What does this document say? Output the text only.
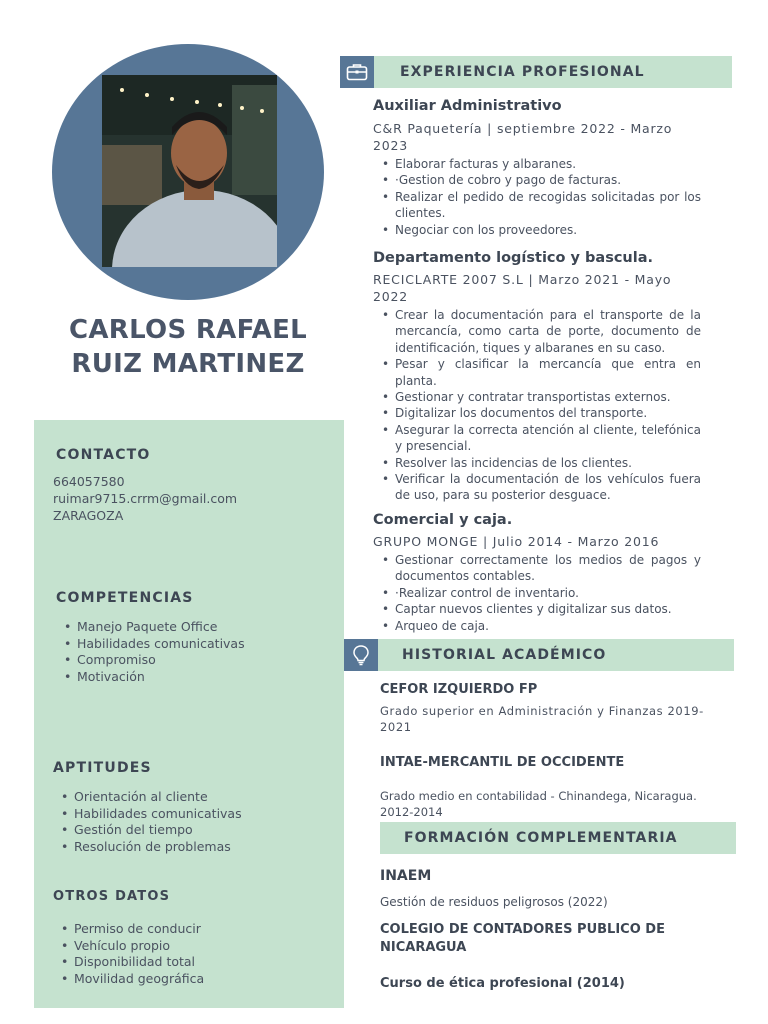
CARLOS RAFAEL
RUIZ MARTINEZ
CONTACTO
664057580
ruimar9715.crrm@gmail.com
ZARAGOZA
COMPETENCIAS
• Manejo Paquete Office
• Habilidades comunicativas
• Compromiso
• Motivación
APTITUDES
• Orientación al cliente
• Habilidades comunicativas
• Gestión del tiempo
• Resolución de problemas
OTROS DATOS
• Permiso de conducir
• Vehículo propio
• Disponibilidad total
• Movilidad geográfica
EXPERIENCIA PROFESIONAL
Auxiliar Administrativo
C&R Paquetería | septiembre 2022 - Marzo 2023
• Elaborar facturas y albaranes.
• ·Gestion de cobro y pago de facturas.
• Realizar el pedido de recogidas solicitadas por los clientes.
• Negociar con los proveedores.
Departamento logístico y bascula.
RECICLARTE 2007 S.L | Marzo 2021 - Mayo 2022
• Crear la documentación para el transporte de la mercancía, como carta de porte, documento de identificación, tiques y albaranes en su caso.
• Pesar y clasificar la mercancía que entra en planta.
• Gestionar y contratar transportistas externos.
• Digitalizar los documentos del transporte.
• Asegurar la correcta atención al cliente, telefónica y presencial.
• Resolver las incidencias de los clientes.
• Verificar la documentación de los vehículos fuera de uso, para su posterior desguace.
Comercial y caja.
GRUPO MONGE | Julio 2014 - Marzo 2016
• Gestionar correctamente los medios de pagos y documentos contables.
• ·Realizar control de inventario.
• Captar nuevos clientes y digitalizar sus datos.
• Arqueo de caja.
HISTORIAL ACADÉMICO
CEFOR IZQUIERDO FP
Grado superior en Administración y Finanzas 2019-2021
INTAE-MERCANTIL DE OCCIDENTE
Grado medio en contabilidad - Chinandega, Nicaragua. 2012-2014
FORMACIÓN COMPLEMENTARIA
INAEM
Gestión de residuos peligrosos (2022)
COLEGIO DE CONTADORES PUBLICO DE NICARAGUA
Curso de ética profesional (2014)
